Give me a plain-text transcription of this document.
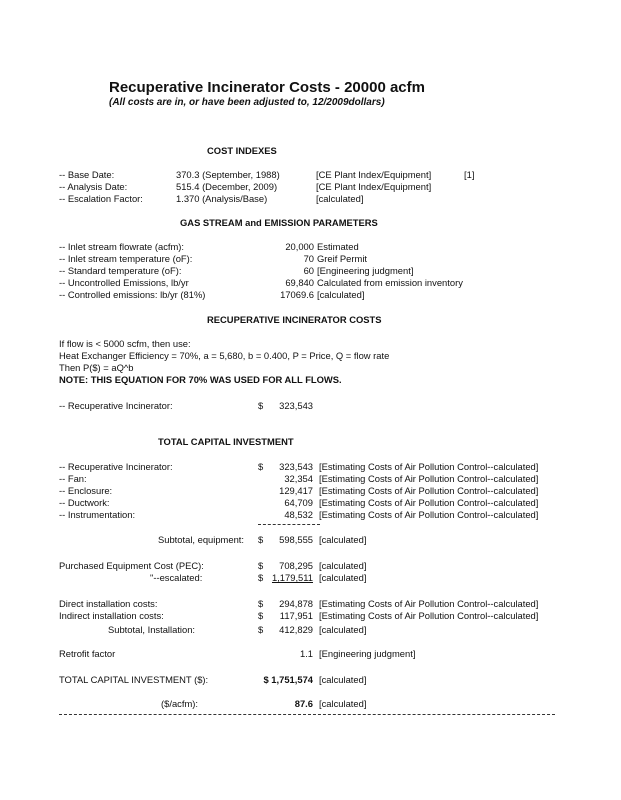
Recuperative Incinerator Costs - 20000 acfm
(All costs are in, or have been adjusted to, 12/2009dollars)
COST INDEXES
-- Base Date:	370.3 (September, 1988)	[CE Plant Index/Equipment]	[1]
-- Analysis Date:	515.4 (December, 2009)	[CE Plant Index/Equipment]
-- Escalation Factor:	1.370 (Analysis/Base)	[calculated]
GAS STREAM and EMISSION PARAMETERS
-- Inlet stream flowrate (acfm):	20,000 Estimated
-- Inlet stream temperature (oF):	70 Greif Permit
-- Standard temperature (oF):	60 [Engineering judgment]
-- Uncontrolled Emissions, lb/yr	69,840 Calculated from emission inventory
-- Controlled emissions: lb/yr (81%)	17069.6 [calculated]
RECUPERATIVE INCINERATOR COSTS
If flow is < 5000 scfm, then use:
Heat Exchanger Efficiency = 70%, a = 5,680, b = 0.400, P = Price, Q = flow rate
Then P($) = aQ^b
NOTE: THIS EQUATION FOR 70% WAS USED FOR ALL FLOWS.
-- Recuperative Incinerator:	$ 323,543
TOTAL CAPITAL INVESTMENT
-- Recuperative Incinerator:	$ 323,543 [Estimating Costs of Air Pollution Control--calculated]
-- Fan:	32,354 [Estimating Costs of Air Pollution Control--calculated]
-- Enclosure:	129,417 [Estimating Costs of Air Pollution Control--calculated]
-- Ductwork:	64,709 [Estimating Costs of Air Pollution Control--calculated]
-- Instrumentation:	48,532 [Estimating Costs of Air Pollution Control--calculated]
Subtotal, equipment: $ 598,555 [calculated]
Purchased Equipment Cost (PEC):	$ 708,295 [calculated]
"--escalated:	$ 1,179,511 [calculated]
Direct installation costs:	$ 294,878 [Estimating Costs of Air Pollution Control--calculated]
Indirect installation costs:	$ 117,951 [Estimating Costs of Air Pollution Control--calculated]
Subtotal, Installation:	$ 412,829 [calculated]
Retrofit factor	1.1 [Engineering judgment]
TOTAL CAPITAL INVESTMENT ($):	$ 1,751,574 [calculated]
($/acfm):	87.6 [calculated]
